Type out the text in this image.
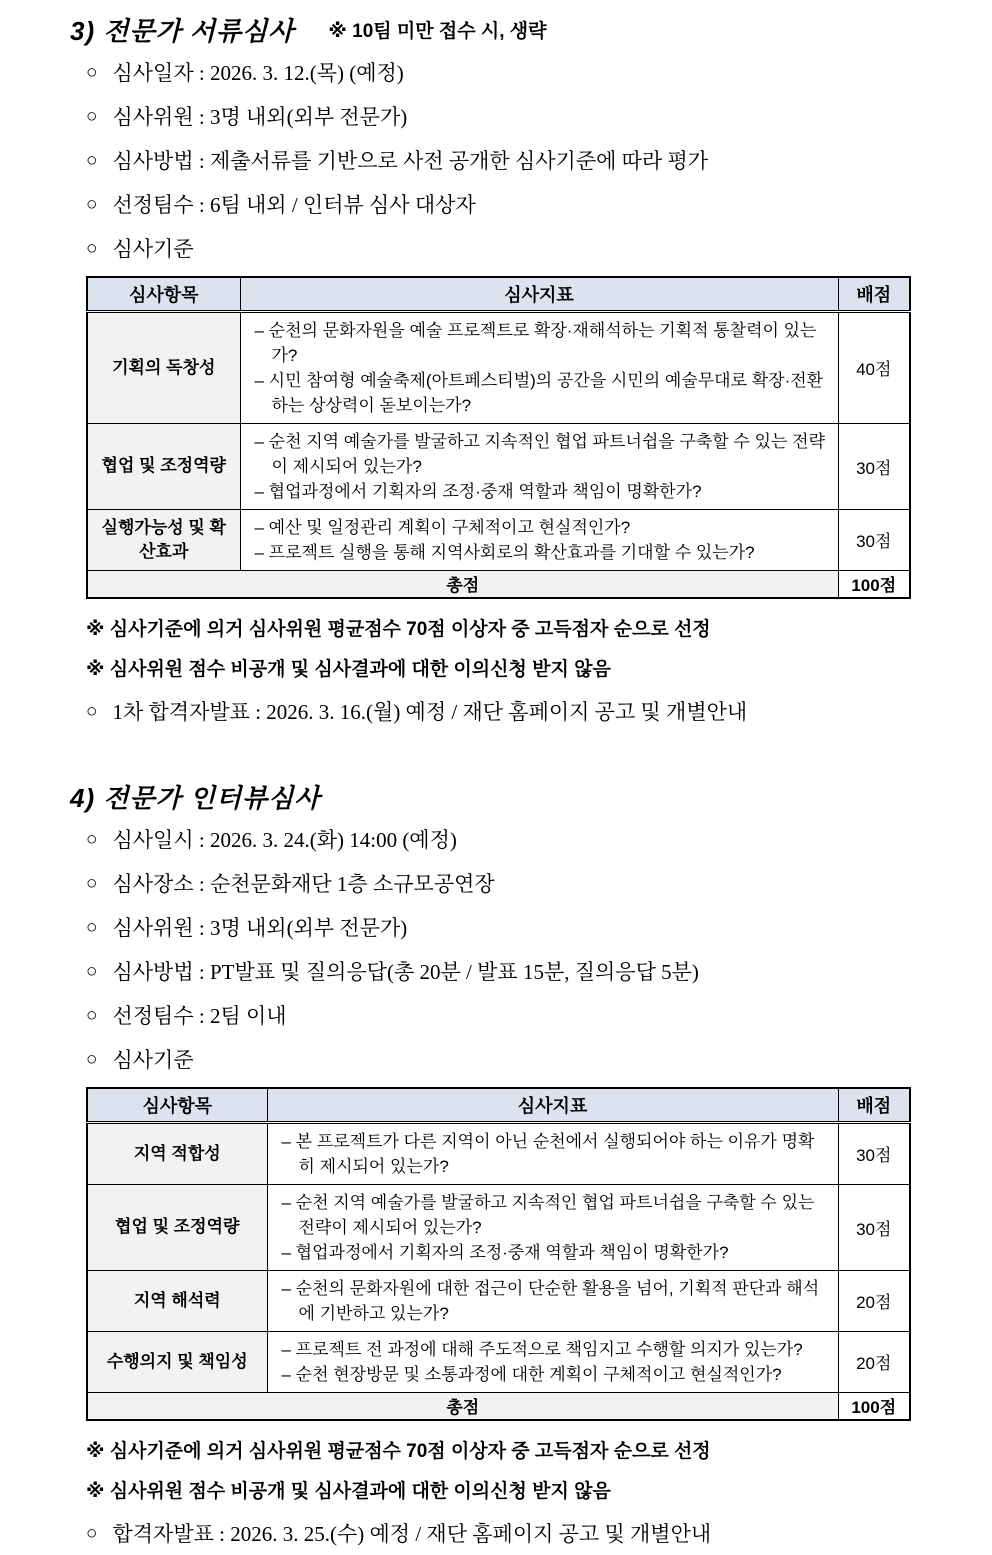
3) 전문가 서류심사 ※ 10팀 미만 접수 시, 생략
○ 심사일자 : 2026. 3. 12.(목) (예정)
○ 심사위원 : 3명 내외(외부 전문가)
○ 심사방법 : 제출서류를 기반으로 사전 공개한 심사기준에 따라 평가
○ 선정팀수 : 6팀 내외 / 인터뷰 심사 대상자
○ 심사기준
심사항목	심사지표	배점
기획의 독창성	– 순천의 문화자원을 예술 프로젝트로 확장·재해석하는 기획적 통찰력이 있는가?
– 시민 참여형 예술축제(아트페스티벌)의 공간을 시민의 예술무대로 확장·전환 하는 상상력이 돋보이는가?	40점
협업 및 조정역량	– 순천 지역 예술가를 발굴하고 지속적인 협업 파트너쉽을 구축할 수 있는 전략이 제시되어 있는가?
– 협업과정에서 기획자의 조정·중재 역할과 책임이 명확한가?	30점
실행가능성 및 확산효과	– 예산 및 일정관리 계획이 구체적이고 현실적인가?
– 프로젝트 실행을 통해 지역사회로의 확산효과를 기대할 수 있는가?	30점
총점		100점
※ 심사기준에 의거 심사위원 평균점수 70점 이상자 중 고득점자 순으로 선정
※ 심사위원 점수 비공개 및 심사결과에 대한 이의신청 받지 않음
○ 1차 합격자발표 : 2026. 3. 16.(월) 예정 / 재단 홈페이지 공고 및 개별안내
4) 전문가 인터뷰심사
○ 심사일시 : 2026. 3. 24.(화) 14:00 (예정)
○ 심사장소 : 순천문화재단 1층 소규모공연장
○ 심사위원 : 3명 내외(외부 전문가)
○ 심사방법 : PT발표 및 질의응답(총 20분 / 발표 15분, 질의응답 5분)
○ 선정팀수 : 2팀 이내
○ 심사기준
심사항목	심사지표	배점
지역 적합성	– 본 프로젝트가 다른 지역이 아닌 순천에서 실행되어야 하는 이유가 명확히 제시되어 있는가?	30점
협업 및 조정역량	– 순천 지역 예술가를 발굴하고 지속적인 협업 파트너쉽을 구축할 수 있는 전략이 제시되어 있는가?
– 협업과정에서 기획자의 조정·중재 역할과 책임이 명확한가?	30점
지역 해석력	– 순천의 문화자원에 대한 접근이 단순한 활용을 넘어, 기획적 판단과 해석에 기반하고 있는가?	20점
수행의지 및 책임성	– 프로젝트 전 과정에 대해 주도적으로 책임지고 수행할 의지가 있는가?
– 순천 현장방문 및 소통과정에 대한 계획이 구체적이고 현실적인가?	20점
총점		100점
※ 심사기준에 의거 심사위원 평균점수 70점 이상자 중 고득점자 순으로 선정
※ 심사위원 점수 비공개 및 심사결과에 대한 이의신청 받지 않음
○ 합격자발표 : 2026. 3. 25.(수) 예정 / 재단 홈페이지 공고 및 개별안내
